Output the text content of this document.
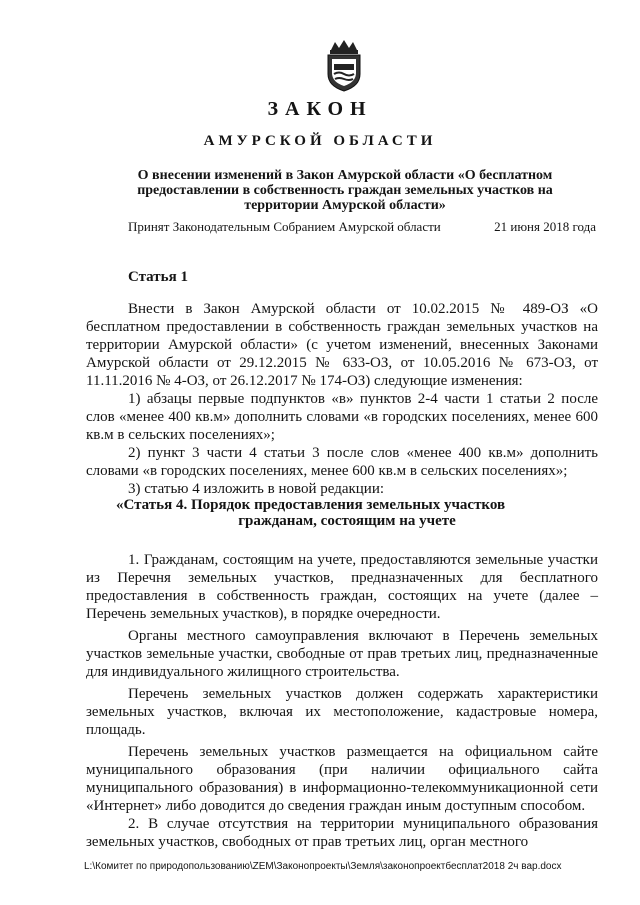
ЗАКОН
АМУРСКОЙ ОБЛАСТИ
О внесении изменений в Закон Амурской области «О бесплатном предоставлении в собственность граждан земельных участков на территории Амурской области»
Принят Законодательным Собранием Амурской области	21 июня 2018 года
Статья 1

Внести в Закон Амурской области от 10.02.2015 № 489-ОЗ «О бесплатном предоставлении в собственность граждан земельных участков на территории Амурской области» (с учетом изменений, внесенных Законами Амурской области от 29.12.2015 № 633-ОЗ, от 10.05.2016 № 673-ОЗ, от 11.11.2016 № 4-ОЗ, от 26.12.2017 № 174-ОЗ) следующие изменения:

1) абзацы первые подпунктов «в» пунктов 2-4 части 1 статьи 2 после слов «менее 400 кв.м» дополнить словами «в городских поселениях, менее 600 кв.м в сельских поселениях»;

2) пункт 3 части 4 статьи 3 после слов «менее 400 кв.м» дополнить словами «в городских поселениях, менее 600 кв.м в сельских поселениях»;

3) статью 4 изложить в новой редакции:

«Статья 4. Порядок предоставления земельных участков
гражданам, состоящим на учете

1. Гражданам, состоящим на учете, предоставляются земельные участки из Перечня земельных участков, предназначенных для бесплатного предоставления в собственность граждан, состоящих на учете (далее – Перечень земельных участков), в порядке очередности.

Органы местного самоуправления включают в Перечень земельных участков земельные участки, свободные от прав третьих лиц, предназначенные для индивидуального жилищного строительства.

Перечень земельных участков должен содержать характеристики земельных участков, включая их местоположение, кадастровые номера, площадь.

Перечень земельных участков размещается на официальном сайте муниципального образования (при наличии официального сайта муниципального образования) в информационно-телекоммуникационной сети «Интернет» либо доводится до сведения граждан иным доступным способом.

2. В случае отсутствия на территории муниципального образования земельных участков, свободных от прав третьих лиц, орган местного

L:\Комитет по природопользованию\ZEM\Законопроекты\Земля\законопроектбесплат2018 2ч вар.docx
